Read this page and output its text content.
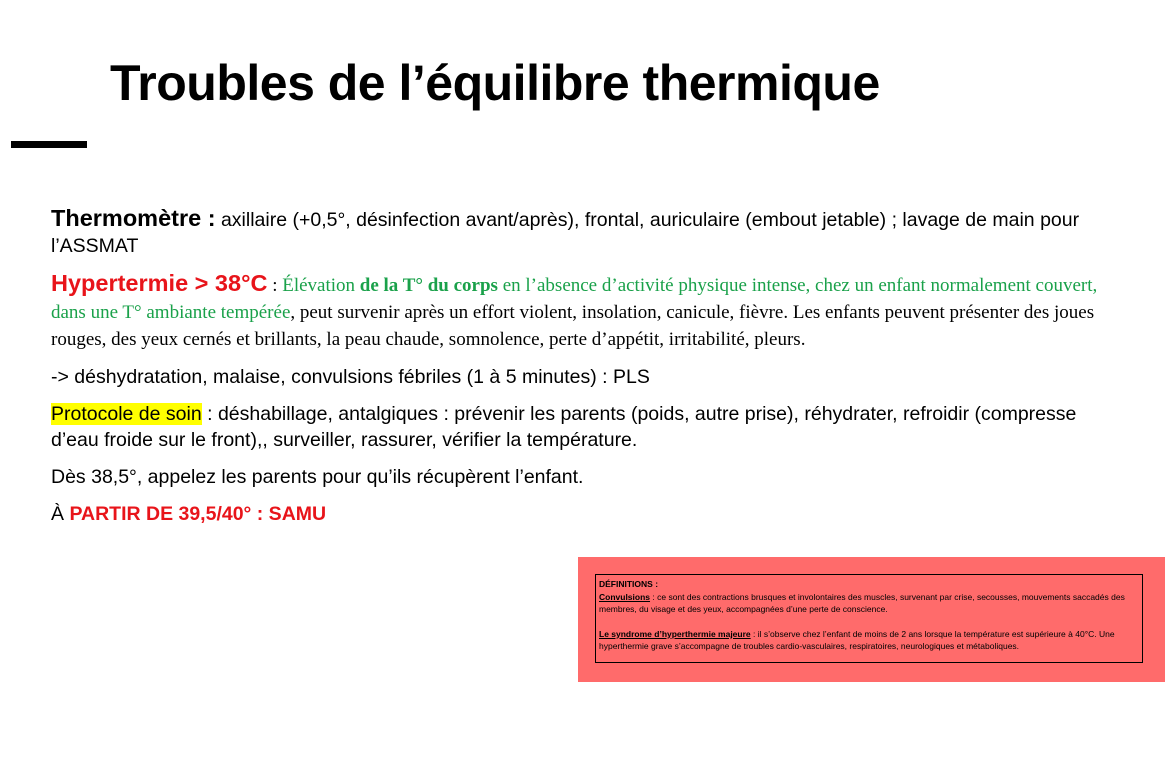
Troubles de l’équilibre thermique

Thermomètre : axillaire (+0,5°, désinfection avant/après), frontal, auriculaire (embout jetable) ; lavage de main pour l’ASSMAT

Hypertermie > 38°C : Élévation de la T° du corps en l’absence d’activité physique intense, chez un enfant normalement couvert, dans une T° ambiante tempérée, peut survenir après un effort violent, insolation, canicule, fièvre. Les enfants peuvent présenter des joues rouges, des yeux cernés et brillants, la peau chaude, somnolence, perte d’appétit, irritabilité, pleurs.

-> déshydratation, malaise, convulsions fébriles (1 à 5 minutes) : PLS

Protocole de soin : déshabillage, antalgiques : prévenir les parents (poids, autre prise), réhydrater, refroidir (compresse d’eau froide sur le front),, surveiller, rassurer, vérifier la température.

Dès 38,5°, appelez les parents pour qu’ils récupèrent l’enfant.

À PARTIR DE 39,5/40° : SAMU

DÉFINITIONS :

Convulsions : ce sont des contractions brusques et involontaires des muscles, survenant par crise, secousses, mouvements saccadés des membres, du visage et des yeux, accompagnées d’une perte de conscience.

Le syndrome d’hyperthermie majeure : il s’observe chez l’enfant de moins de 2 ans lorsque la température est supérieure à 40°C. Une hyperthermie grave s’accompagne de troubles cardio-vasculaires, respiratoires, neurologiques et métaboliques.
